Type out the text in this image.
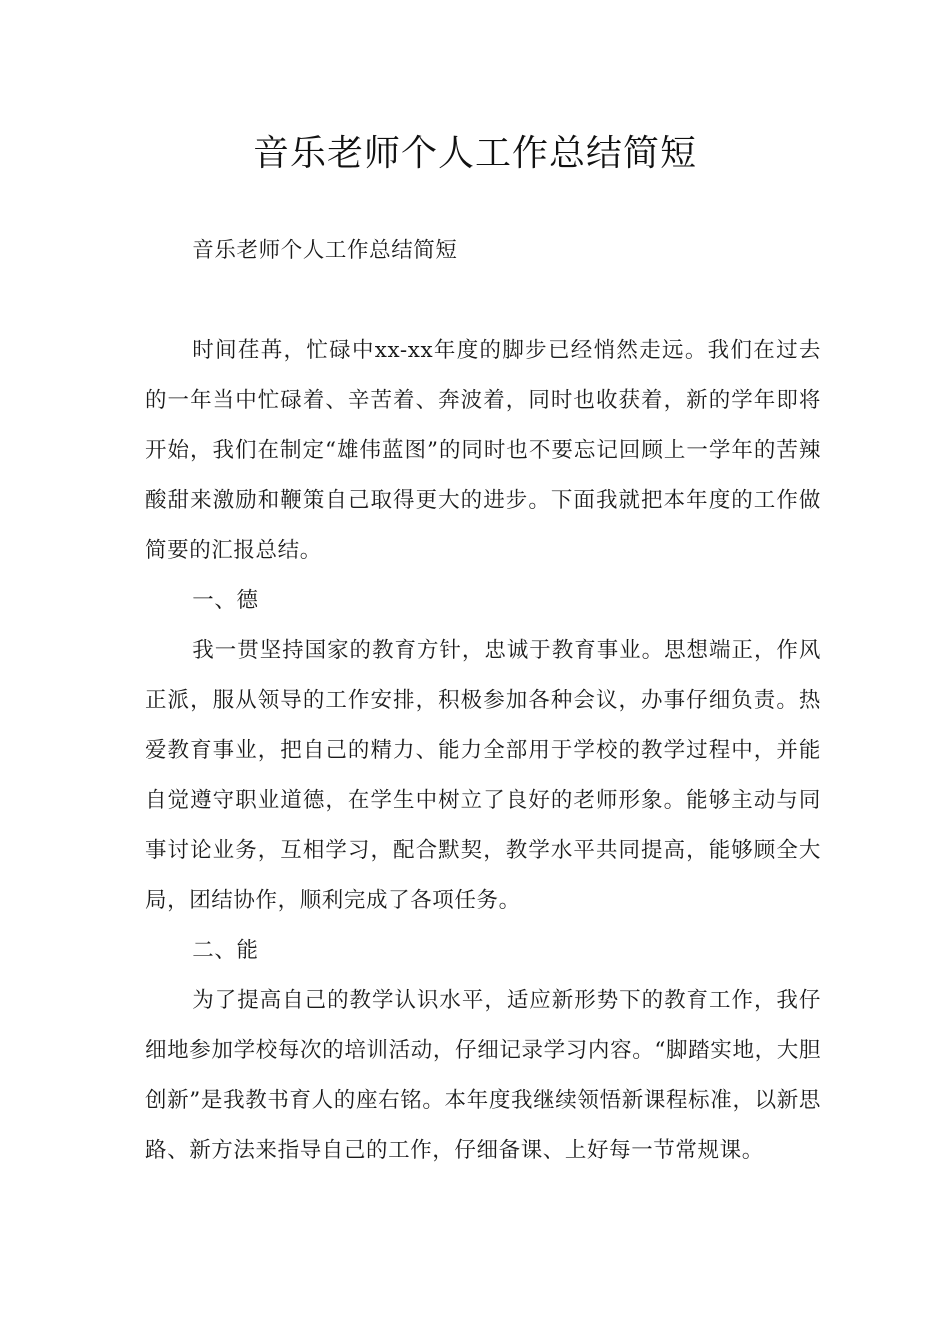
音乐老师个人工作总结简短

音乐老师个人工作总结简短

时间荏苒，忙碌中xx-xx年度的脚步已经悄然走远。我们在过去的一年当中忙碌着、辛苦着、奔波着，同时也收获着，新的学年即将开始，我们在制定“雄伟蓝图”的同时也不要忘记回顾上一学年的苦辣酸甜来激励和鞭策自己取得更大的进步。下面我就把本年度的工作做简要的汇报总结。

一、德

我一贯坚持国家的教育方针，忠诚于教育事业。思想端正，作风正派，服从领导的工作安排，积极参加各种会议，办事仔细负责。热爱教育事业，把自己的精力、能力全部用于学校的教学过程中，并能自觉遵守职业道德，在学生中树立了良好的老师形象。能够主动与同事讨论业务，互相学习，配合默契，教学水平共同提高，能够顾全大局，团结协作，顺利完成了各项任务。

二、能

为了提高自己的教学认识水平，适应新形势下的教育工作，我仔细地参加学校每次的培训活动，仔细记录学习内容。“脚踏实地，大胆创新”是我教书育人的座右铭。本年度我继续领悟新课程标准，以新思路、新方法来指导自己的工作，仔细备课、上好每一节常规课。
